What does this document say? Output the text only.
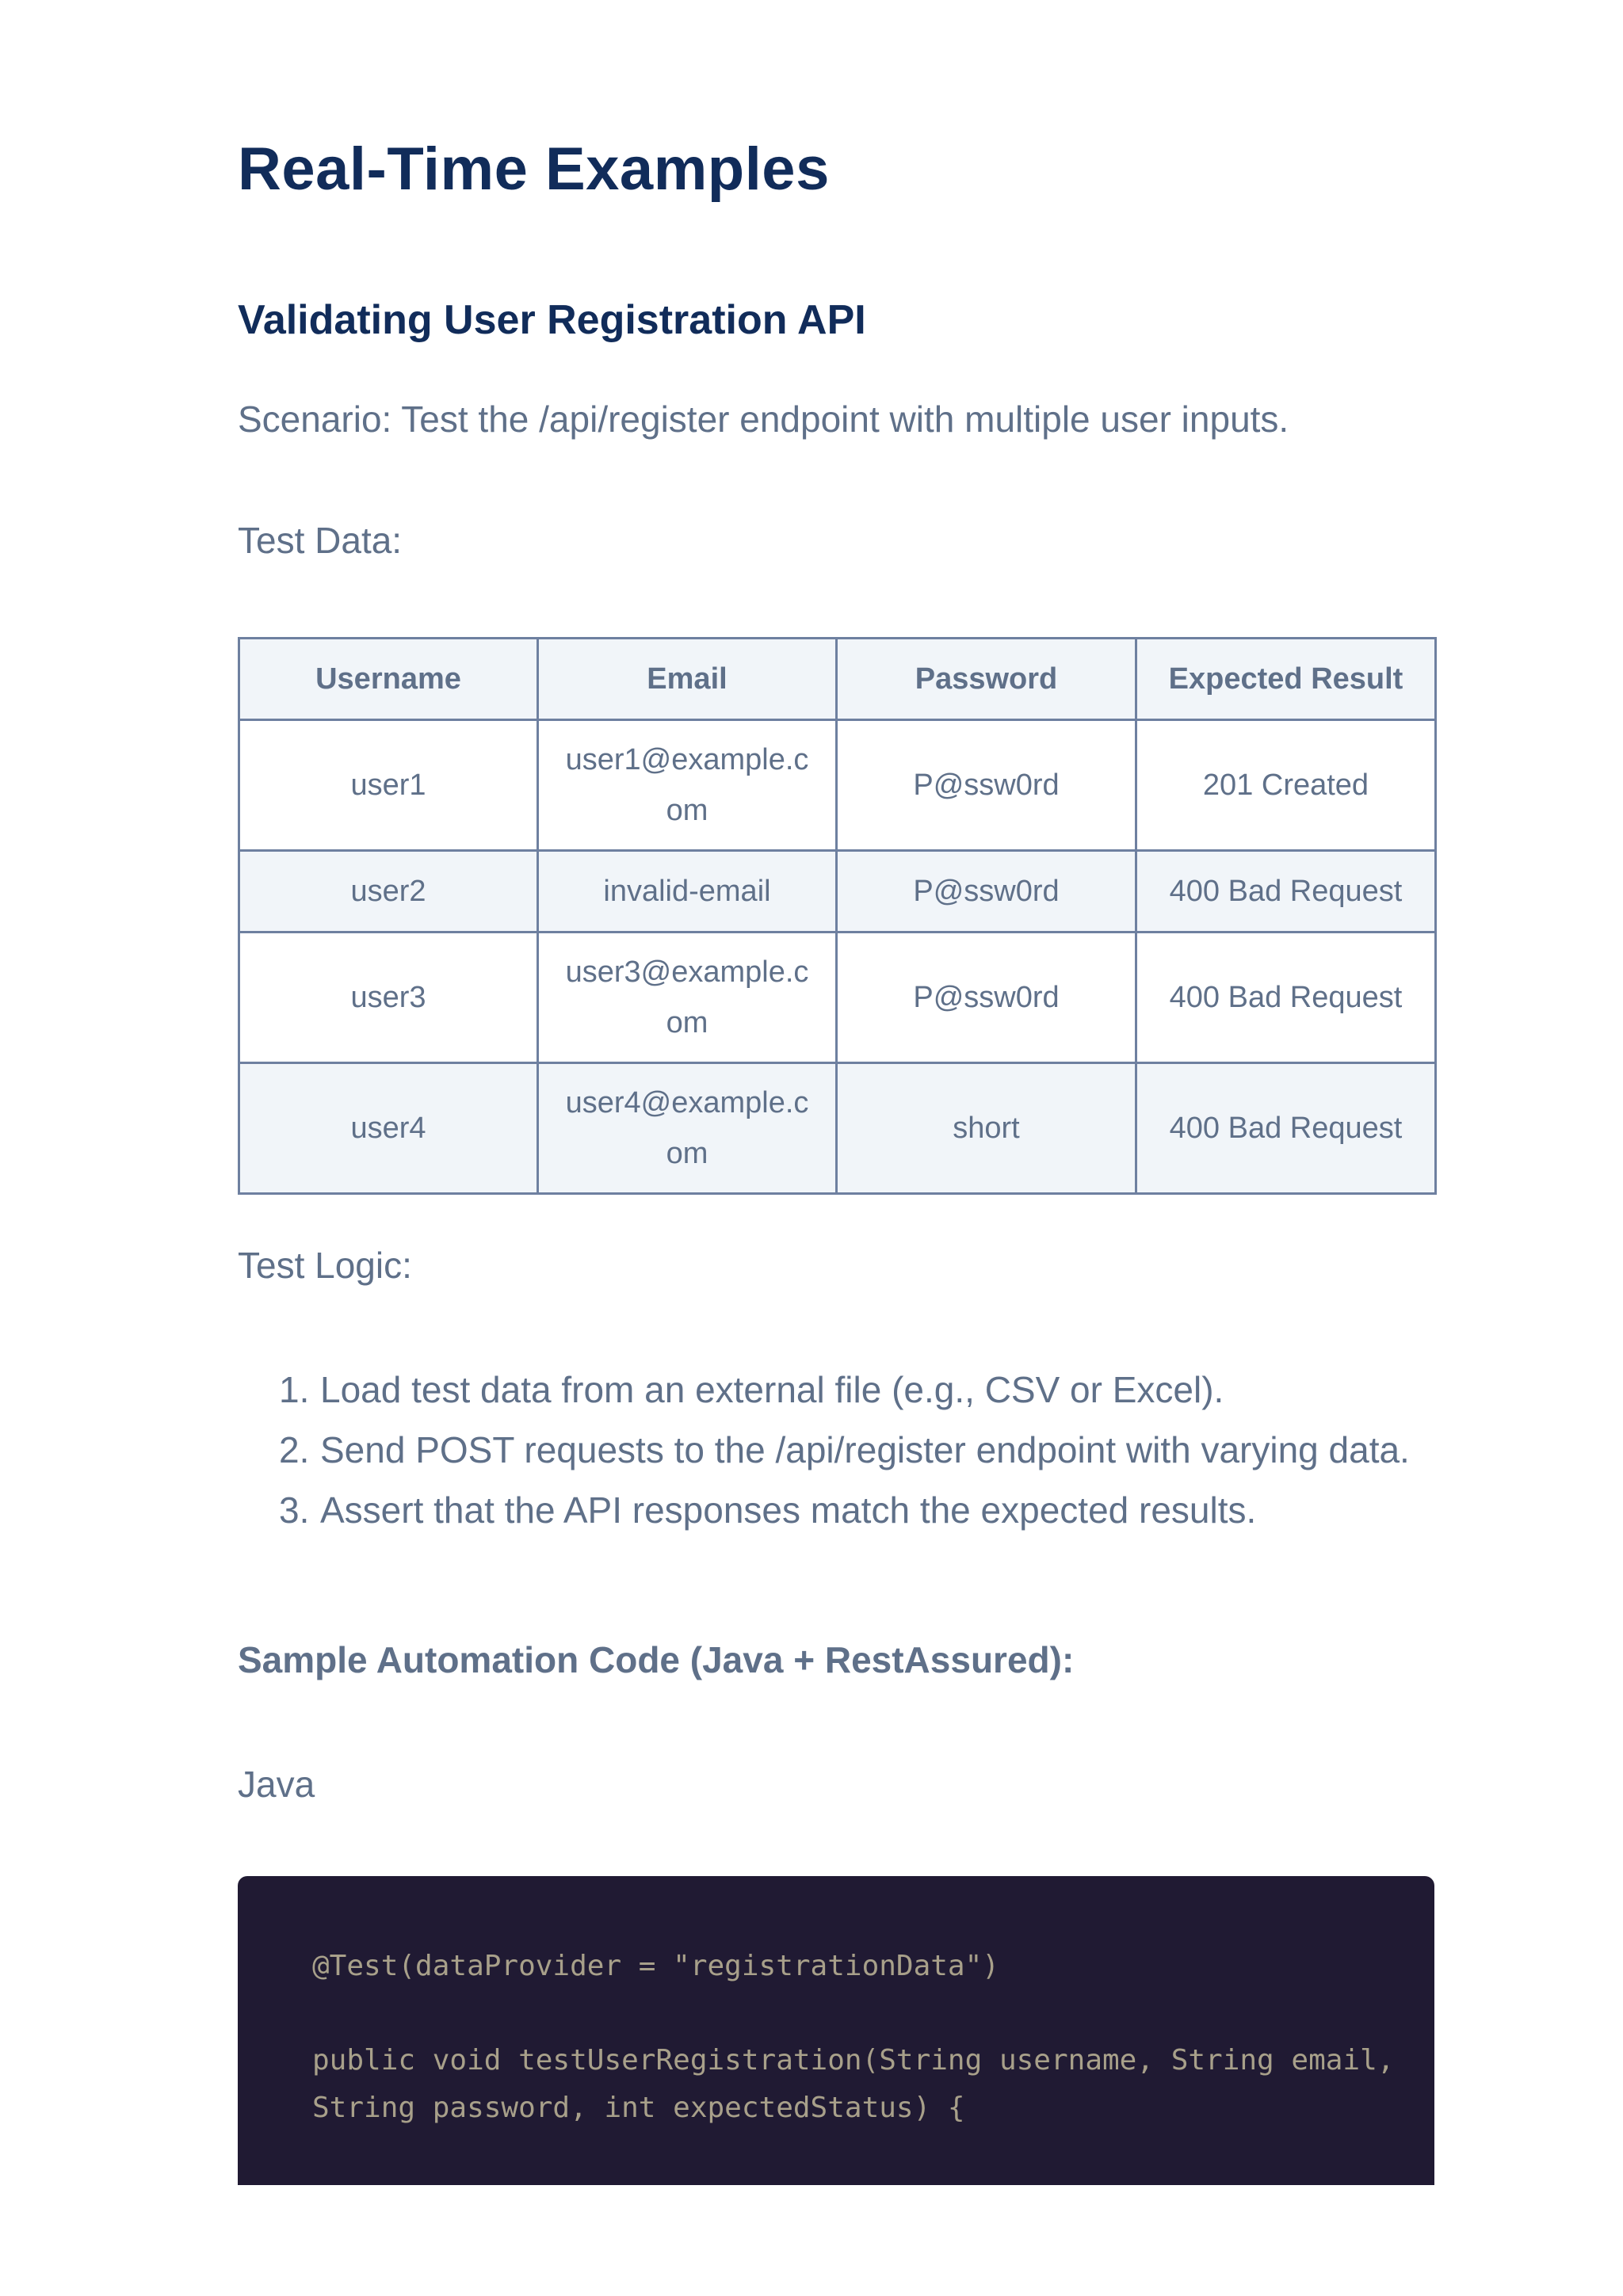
Real-Time Examples
Validating User Registration API

Scenario: Test the /api/register endpoint with multiple user inputs.

Test Data:

Username	Email	Password	Expected Result
user1	user1@example.com	P@ssw0rd	201 Created
user2	invalid-email	P@ssw0rd	400 Bad Request
user3	user3@example.com	P@ssw0rd	400 Bad Request
user4	user4@example.com	short	400 Bad Request

Test Logic:

1. Load test data from an external file (e.g., CSV or Excel).
2. Send POST requests to the /api/register endpoint with varying data.
3. Assert that the API responses match the expected results.

Sample Automation Code (Java + RestAssured):

Java

@Test(dataProvider = "registrationData")

public void testUserRegistration(String username, String email,

String password, int expectedStatus) {
